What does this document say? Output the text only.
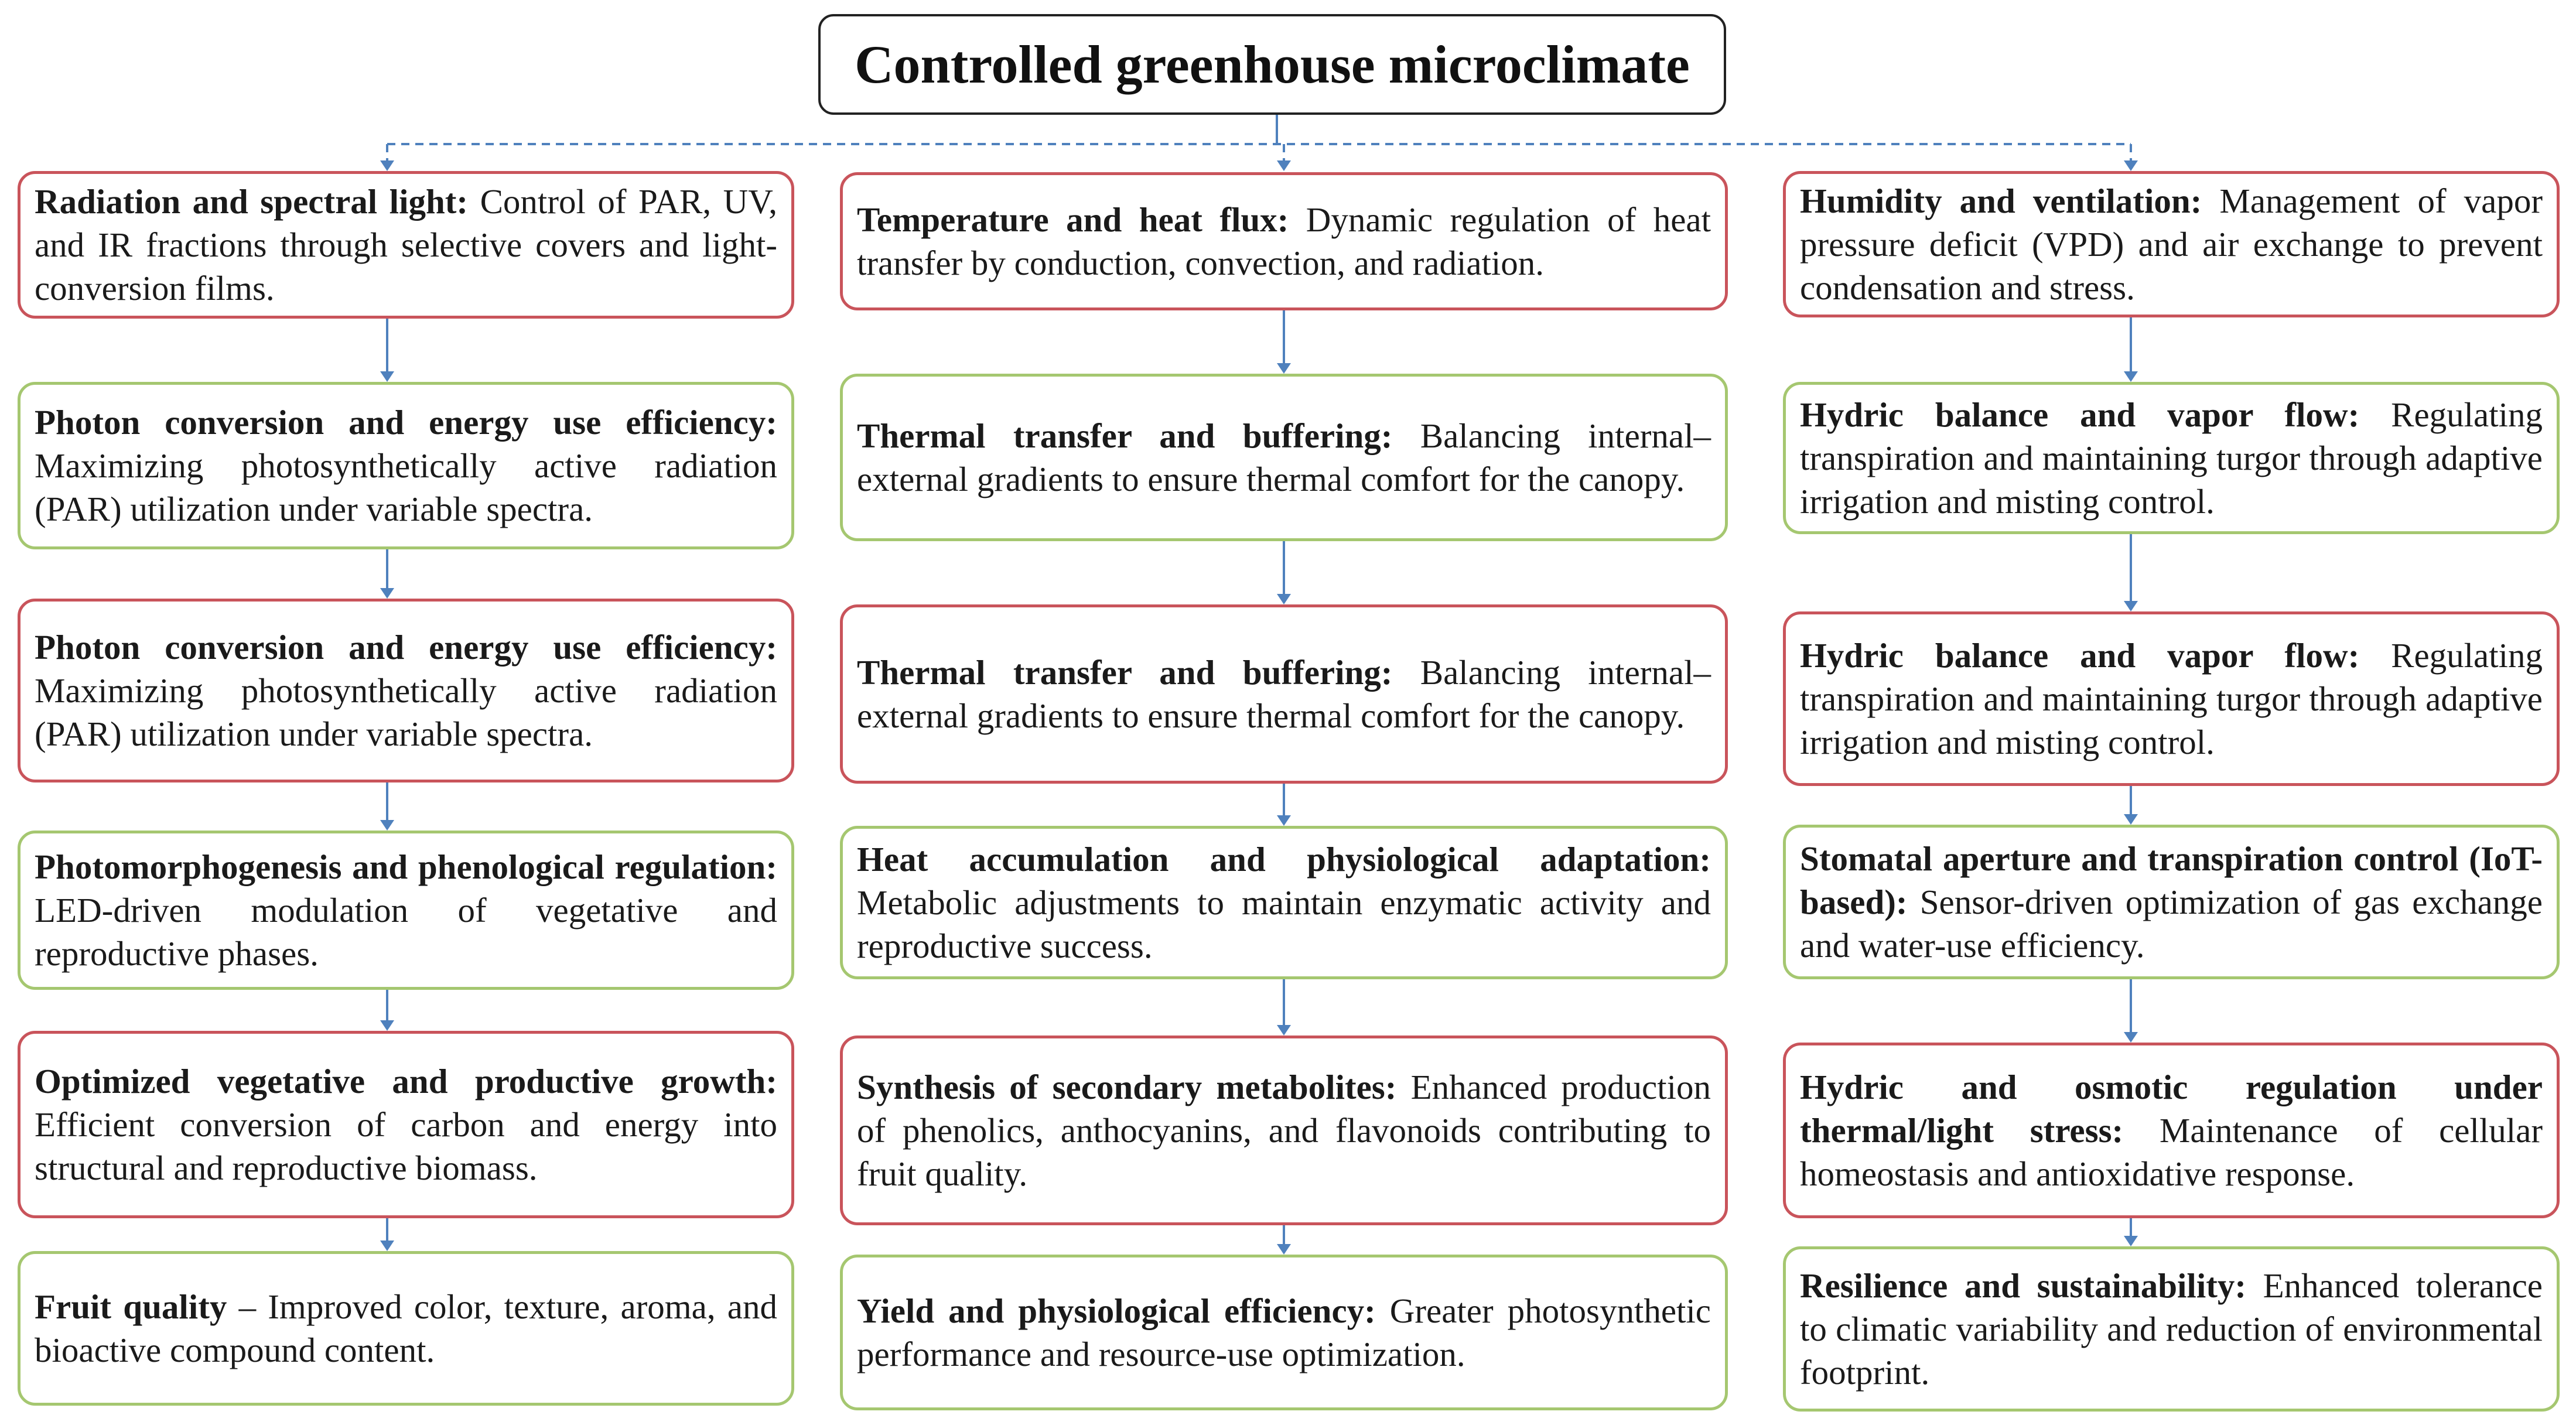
Controlled greenhouse microclimate

Radiation and spectral light: Control of PAR, UV, and IR fractions through selective covers and light-conversion films.

Photon conversion and energy use efficiency: Maximizing photosynthetically active radiation (PAR) utilization under variable spectra.

Photon conversion and energy use efficiency: Maximizing photosynthetically active radiation (PAR) utilization under variable spectra.

Photomorphogenesis and phenological regulation: LED-driven modulation of vegetative and reproductive phases.

Optimized vegetative and productive growth: Efficient conversion of carbon and energy into structural and reproductive biomass.

Fruit quality – Improved color, texture, aroma, and bioactive compound content.

Temperature and heat flux: Dynamic regulation of heat transfer by conduction, convection, and radiation.

Thermal transfer and buffering: Balancing internal–external gradients to ensure thermal comfort for the canopy.

Thermal transfer and buffering: Balancing internal–external gradients to ensure thermal comfort for the canopy.

Heat accumulation and physiological adaptation: Metabolic adjustments to maintain enzymatic activity and reproductive success.

Synthesis of secondary metabolites: Enhanced production of phenolics, anthocyanins, and flavonoids contributing to fruit quality.

Yield and physiological efficiency: Greater photosynthetic performance and resource-use optimization.

Humidity and ventilation: Management of vapor pressure deficit (VPD) and air exchange to prevent condensation and stress.

Hydric balance and vapor flow: Regulating transpiration and maintaining turgor through adaptive irrigation and misting control.

Hydric balance and vapor flow: Regulating transpiration and maintaining turgor through adaptive irrigation and misting control.

Stomatal aperture and transpiration control (IoT-based): Sensor-driven optimization of gas exchange and water-use efficiency.

Hydric and osmotic regulation under thermal/light stress: Maintenance of cellular homeostasis and antioxidative response.

Resilience and sustainability: Enhanced tolerance to climatic variability and reduction of environmental footprint.
